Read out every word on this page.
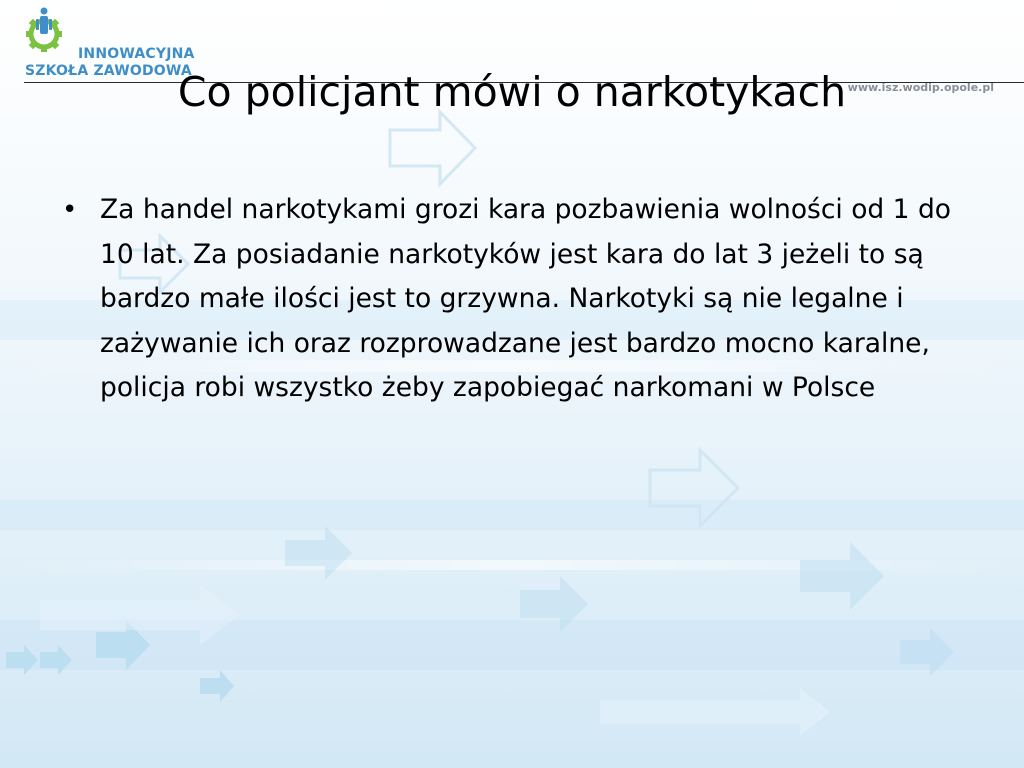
INNOWACYJNA
SZKOŁA ZAWODOWA
www.isz.wodip.opole.pl
Co policjant mówi o narkotykach
• Za handel narkotykami grozi kara pozbawienia wolności od 1 do 10 lat. Za posiadanie narkotyków jest kara do lat 3 jeżeli to są bardzo małe ilości jest to grzywna. Narkotyki są nie legalne i zażywanie ich oraz rozprowadzane jest bardzo mocno karalne, policja robi wszystko żeby zapobiegać narkomani w Polsce
